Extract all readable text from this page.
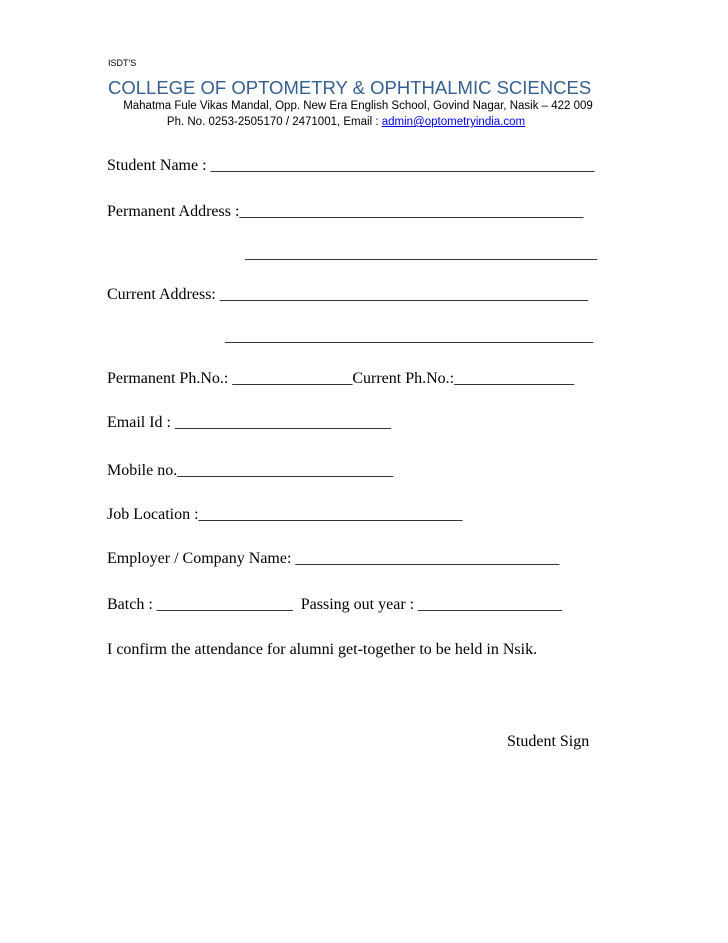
ISDT'S
COLLEGE OF OPTOMETRY & OPHTHALMIC SCIENCES
Mahatma Fule Vikas Mandal, Opp. New Era English School, Govind Nagar, Nasik – 422 009
Ph. No. 0253-2505170 / 2471001, Email : admin@optometryindia.com
Student Name : ________________________________________________
Permanent Address :___________________________________________
____________________________________________
Current Address: ______________________________________________
______________________________________________
Permanent Ph.No.: _______________Current Ph.No.:_______________
Email Id : ___________________________
Mobile no.___________________________
Job Location :_________________________________
Employer / Company Name: _________________________________
Batch : _________________  Passing out year : __________________
I confirm the attendance for alumni get-together to be held in Nsik.
Student Sign
